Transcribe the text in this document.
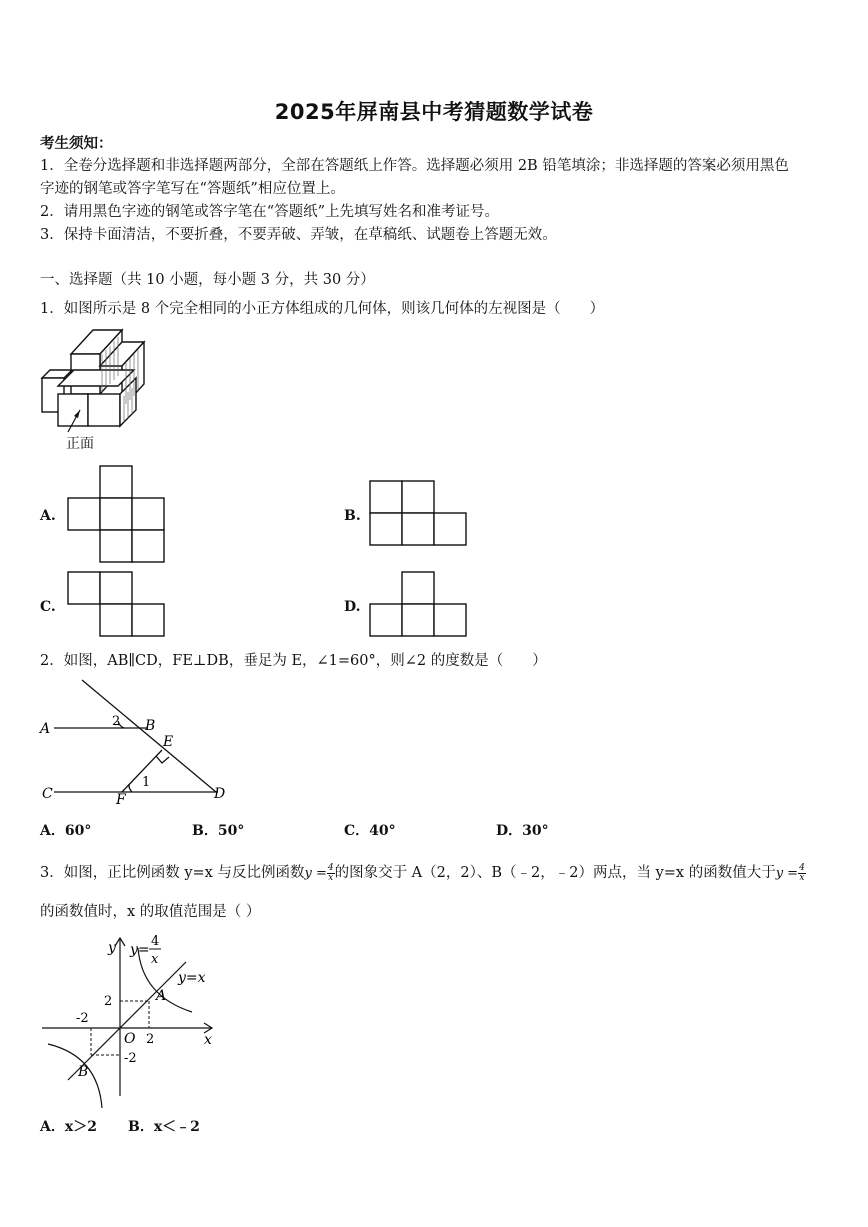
2025年屏南县中考猜题数学试卷
考生须知：
1．全卷分选择题和非选择题两部分，全部在答题纸上作答。选择题必须用 2B 铅笔填涂；非选择题的答案必须用黑色
字迹的钢笔或答字笔写在“答题纸”相应位置上。
2．请用黑色字迹的钢笔或答字笔在“答题纸”上先填写姓名和准考证号。
3．保持卡面清洁，不要折叠，不要弄破、弄皱，在草稿纸、试题卷上答题无效。
一、选择题（共 10 小题，每小题 3 分，共 30 分）
1．如图所示是 8 个完全相同的小正方体组成的几何体，则该几何体的左视图是（　　）
正面
A.	B.
C.	D.
2．如图，AB∥CD，FE⊥DB，垂足为 E，∠1=60°，则∠2 的度数是（　　）
A	B
E
C	F	D
1
2
A．60°	B．50°	C．40°	D．30°
3．如图，正比例函数 y=x 与反比例函数$y = \frac{4}{x}$ 的图象交于 A（2，2）、B（﹣2，﹣2）两点，当 y=x 的函数值大于$y = \frac{4}{x}$
的函数值时，x 的取值范围是（ ）
y
x
O
y=
4
x
y=x
2
-2
2
-2
A
B
A．x＞2 B．x＜﹣2
